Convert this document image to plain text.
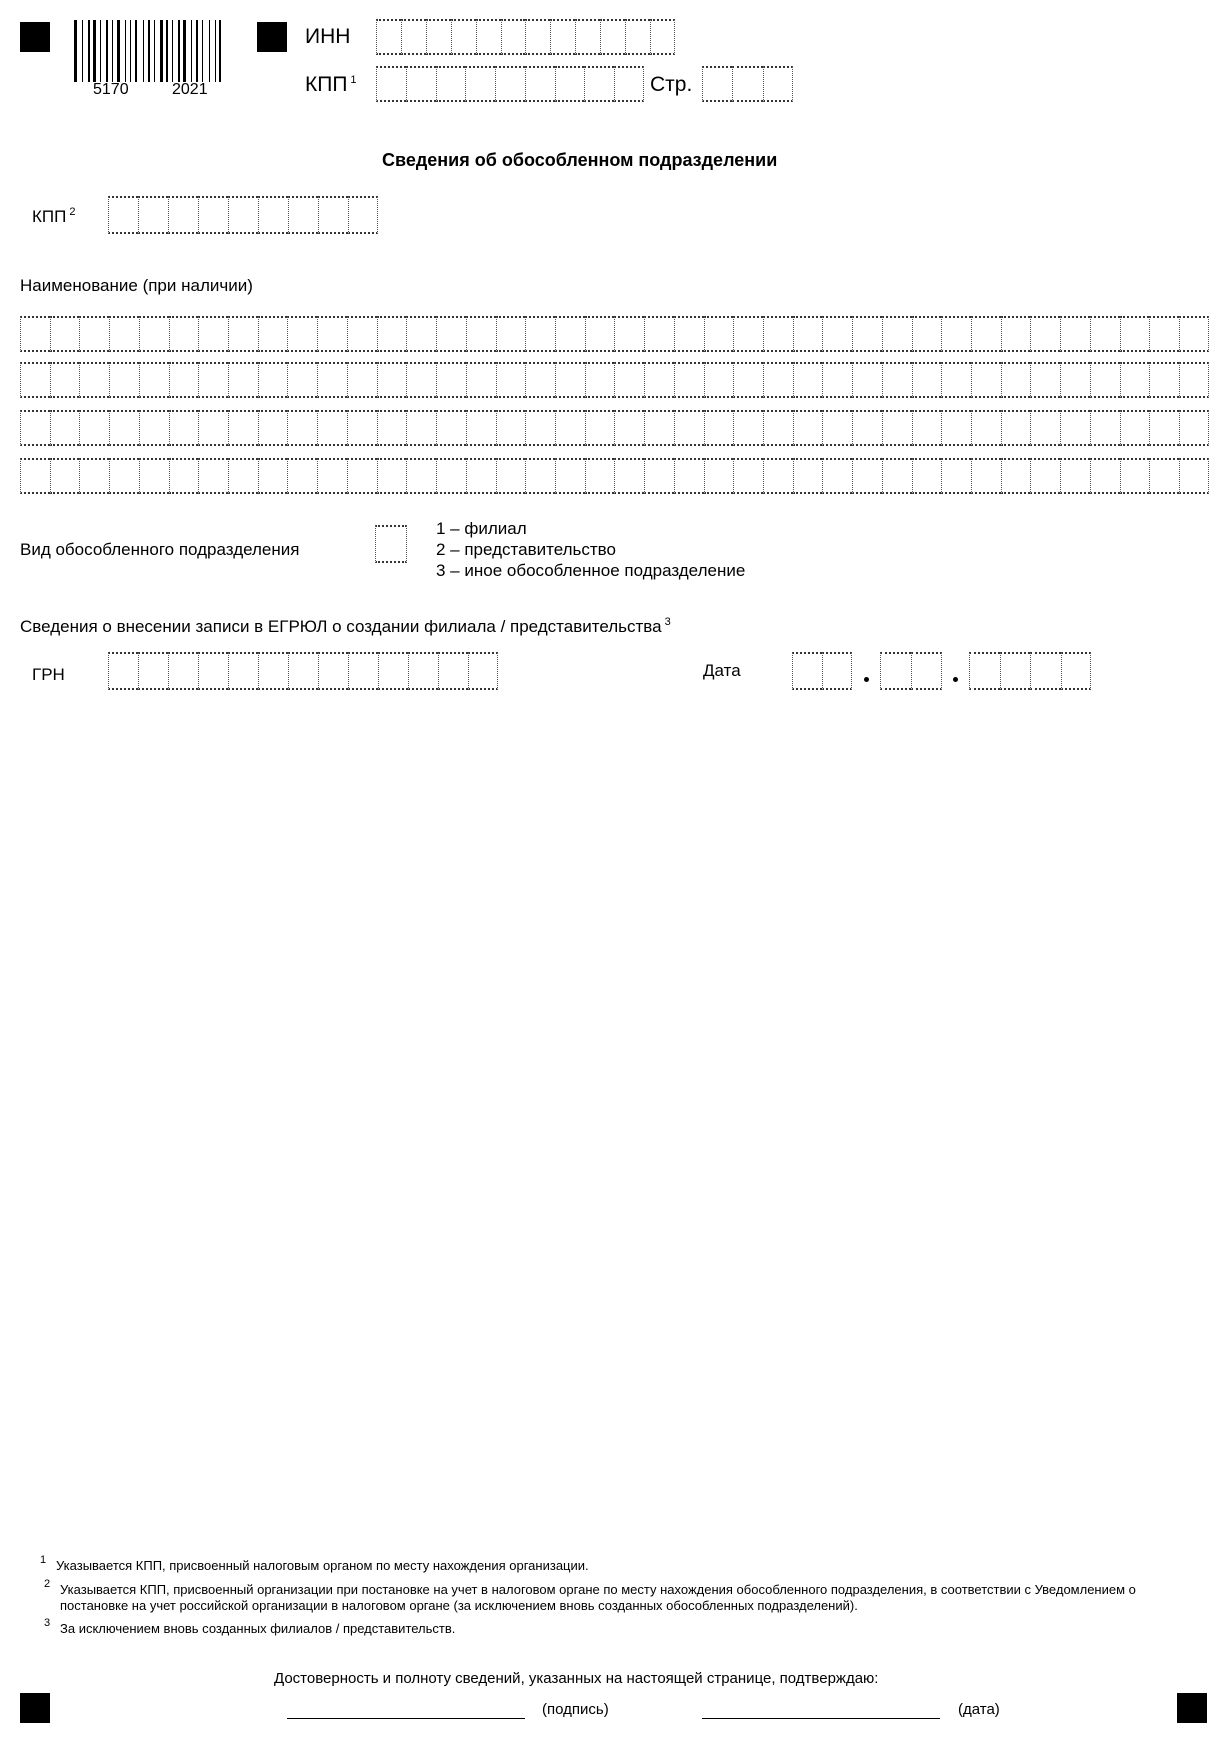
5170	2021
ИНН
КПП $^1$	Стр.
Сведения об обособленном подразделении
КПП $^2$
Наименование (при наличии)
Вид обособленного подразделения
1 – филиал
2 – представительство
3 – иное обособленное подразделение
Сведения о внесении записи в ЕГРЮЛ о создании филиала / представительства $^3$
ГРН	Дата
1 Указывается КПП, присвоенный налоговым органом по месту нахождения организации.
2 Указывается КПП, присвоенный организации при постановке на учет в налоговом органе по месту нахождения обособленного подразделения, в соответствии с Уведомлением о постановке на учет российской организации в налоговом органе (за исключением вновь созданных обособленных подразделений).
3 За исключением вновь созданных филиалов / представительств.
Достоверность и полноту сведений, указанных на настоящей странице, подтверждаю:
(подпись)	(дата)
